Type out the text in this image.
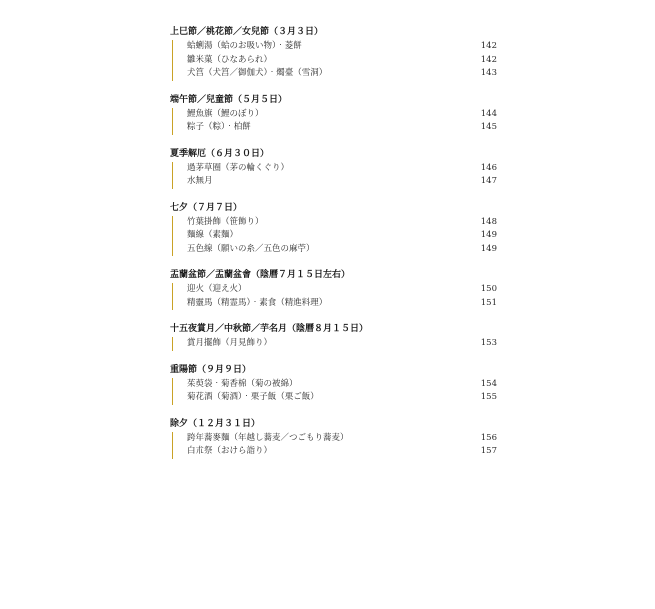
上巳節／桃花節／女兒節（３月３日）
蛤蜊湯（蛤のお吸い物）‧菱餅	142
雛米菓（ひなあられ）	142
犬筥（犬筥／御伽犬）‧燭臺（雪洞）	143
端午節／兒童節（５月５日）
鯉魚旗（鯉のぼり）	144
粽子（粽）‧柏餅	145
夏季解厄（６月３０日）
過茅草圈（茅の輪くぐり）	146
水無月	147
七夕（７月７日）
竹葉掛飾（笹飾り）	148
麵線（素麵）	149
五色線（願いの糸／五色の麻苧）	149
盂蘭盆節／盂蘭盆會（陰曆７月１５日左右）
迎火（迎え火）	150
精靈馬（精霊馬）‧素食（精進料理）	151
十五夜賞月／中秋節／芋名月（陰曆８月１５日）
賞月擺飾（月見飾り）	153
重陽節（９月９日）
茱萸袋‧菊香棉（菊の被綿）	154
菊花酒（菊酒）‧栗子飯（栗ご飯）	155
除夕（１２月３１日）
跨年蕎麥麵（年越し蕎麦／つごもり蕎麦）	156
白朮祭（おけら詣り）	157
